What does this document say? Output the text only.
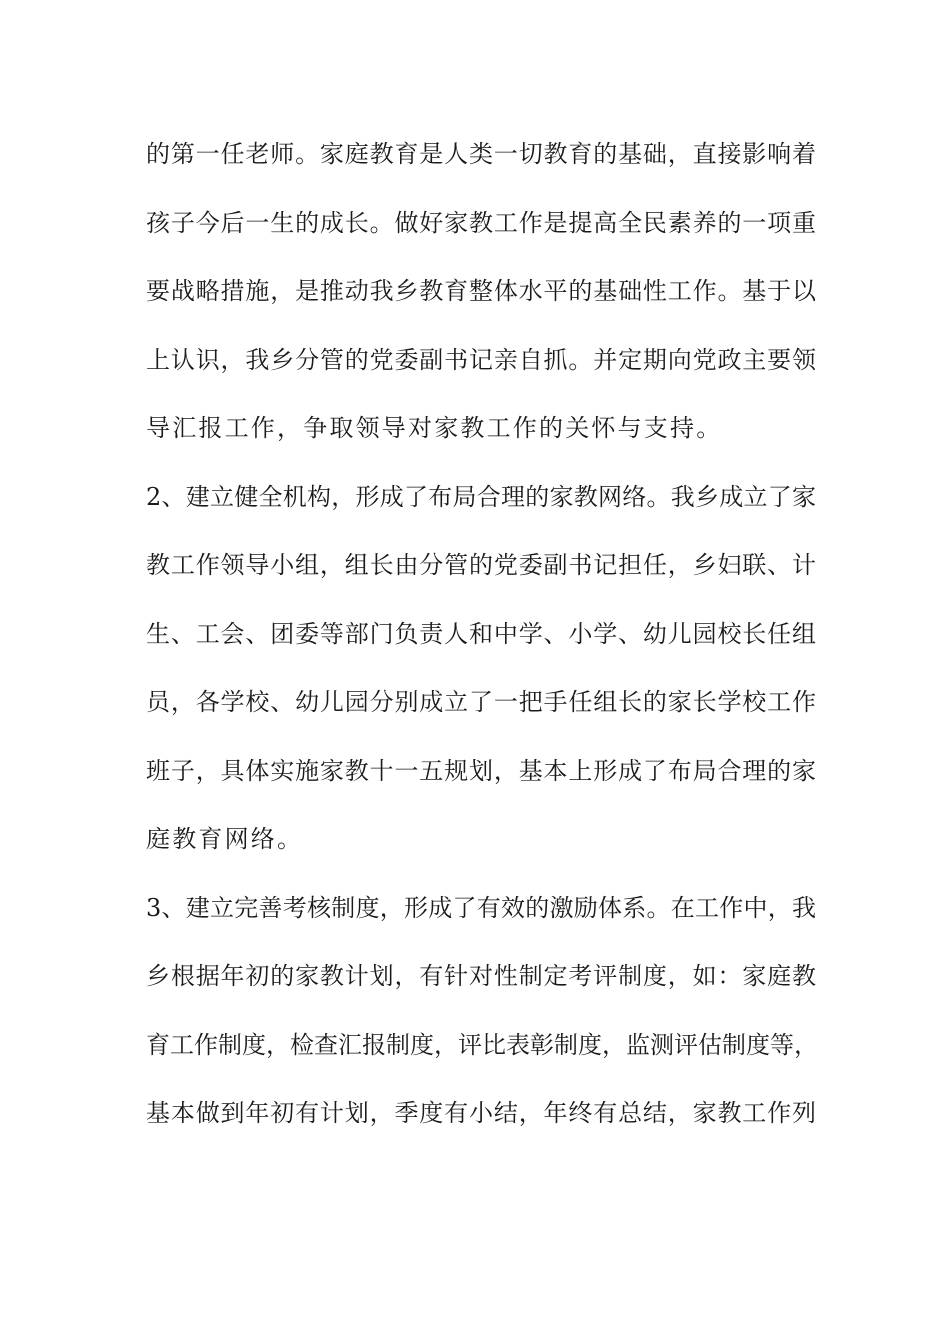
的第一任老师。家庭教育是人类一切教育的基础，直接影响着
孩子今后一生的成长。做好家教工作是提高全民素养的一项重
要战略措施，是推动我乡教育整体水平的基础性工作。基于以
上认识，我乡分管的党委副书记亲自抓。并定期向党政主要领
导汇报工作，争取领导对家教工作的关怀与支持。
2、建立健全机构，形成了布局合理的家教网络。我乡成立了家
教工作领导小组，组长由分管的党委副书记担任，乡妇联、计
生、工会、团委等部门负责人和中学、小学、幼儿园校长任组
员，各学校、幼儿园分别成立了一把手任组长的家长学校工作
班子，具体实施家教十一五规划，基本上形成了布局合理的家
庭教育网络。
3、建立完善考核制度，形成了有效的激励体系。在工作中，我
乡根据年初的家教计划，有针对性制定考评制度，如：家庭教
育工作制度，检查汇报制度，评比表彰制度，监测评估制度等，
基本做到年初有计划，季度有小结，年终有总结，家教工作列
